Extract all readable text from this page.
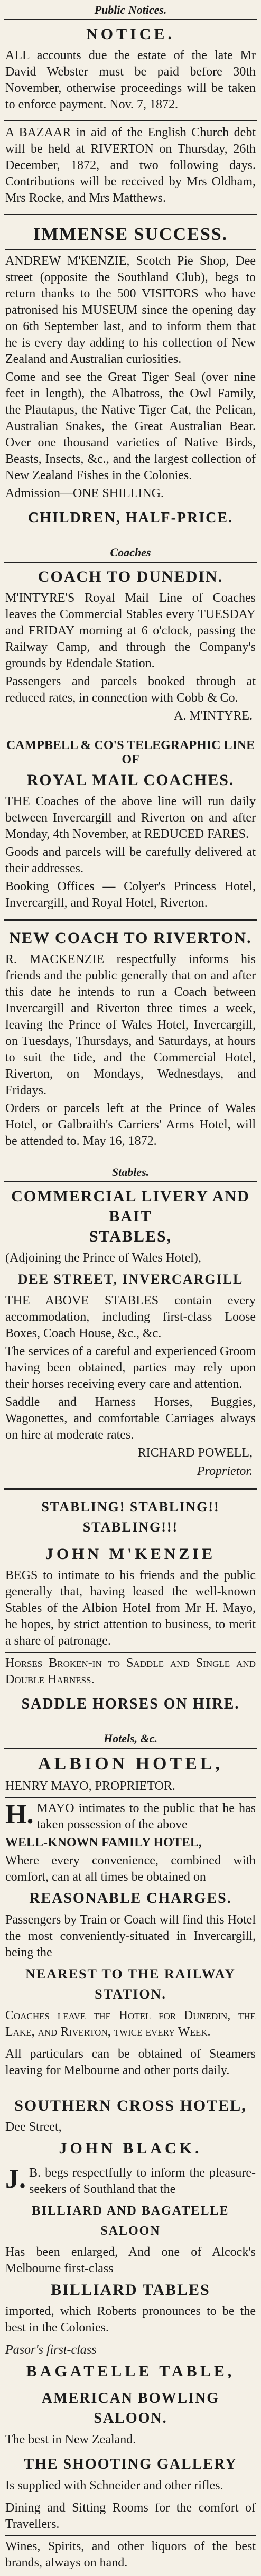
Public Notices.
NOTICE.

ALL accounts due the estate of the late Mr David Webster must be paid before 30th November, otherwise proceedings will be taken to enforce payment. Nov. 7, 1872.

A BAZAAR in aid of the English Church debt will be held at RIVERTON on Thursday, 26th December, 1872, and two following days. Contributions will be received by Mrs Oldham, Mrs Rocke, and Mrs Matthews.

IMMENSE SUCCESS.

ANDREW M'KENZIE, Scotch Pie Shop, Dee street (opposite the Southland Club), begs to return thanks to the 500 VISITORS who have patronised his MUSEUM since the opening day on 6th September last, and to inform them that he is every day adding to his collection of New Zealand and Australian curiosities.

Come and see the Great Tiger Seal (over nine feet in length), the Albatross, the Owl Family, the Plautapus, the Native Tiger Cat, the Pelican, Australian Snakes, the Great Australian Bear. Over one thousand varieties of Native Birds, Beasts, Insects, &c., and the largest collection of New Zealand Fishes in the Colonies.

Admission—ONE SHILLING.

CHILDREN, HALF-PRICE.
Coaches
COACH TO DUNEDIN.

M'INTYRE'S Royal Mail Line of Coaches leaves the Commercial Stables every TUESDAY and FRIDAY morning at 6 o'clock, passing the Railway Camp, and through the Company's grounds by Edendale Station.

Passengers and parcels booked through at reduced rates, in connection with Cobb & Co.

A. M'INTYRE.
CAMPBELL & CO'S TELEGRAPHIC LINE OF
ROYAL MAIL COACHES.

THE Coaches of the above line will run daily between Invercargill and Riverton on and after Monday, 4th November, at REDUCED FARES.

Goods and parcels will be carefully delivered at their addresses.

Booking Offices — Colyer's Princess Hotel, Invercargill, and Royal Hotel, Riverton.

NEW COACH TO RIVERTON.

R. MACKENZIE respectfully informs his friends and the public generally that on and after this date he intends to run a Coach between Invercargill and Riverton three times a week, leaving the Prince of Wales Hotel, Invercargill, on Tuesdays, Thursdays, and Saturdays, at hours to suit the tide, and the Commercial Hotel, Riverton, on Mondays, Wednesdays, and Fridays.

Orders or parcels left at the Prince of Wales Hotel, or Galbraith's Carriers' Arms Hotel, will be attended to. May 16, 1872.

Stables.
COMMERCIAL LIVERY AND BAIT
STABLES,

(Adjoining the Prince of Wales Hotel),

DEE STREET, INVERCARGILL

THE ABOVE STABLES contain every accommodation, including first-class Loose Boxes, Coach House, &c., &c.

The services of a careful and experienced Groom having been obtained, parties may rely upon their horses receiving every care and attention.

Saddle and Harness Horses, Buggies, Wagonettes, and comfortable Carriages always on hire at moderate rates.

RICHARD POWELL,
Proprietor.
STABLING! STABLING!! STABLING!!!
JOHN M'KENZIE

BEGS to intimate to his friends and the public generally that, having leased the well-known Stables of the Albion Hotel from Mr H. Mayo, he hopes, by strict attention to business, to merit a share of patronage.

Horses Broken-in to Saddle and Single and Double Harness.

SADDLE HORSES ON HIRE.
Hotels, &c.
ALBION HOTEL,

HENRY MAYO, PROPRIETOR.

H. MAYO intimates to the public that he has taken possession of the above

WELL-KNOWN FAMILY HOTEL,

Where every convenience, combined with comfort, can at all times be obtained on

REASONABLE CHARGES.

Passengers by Train or Coach will find this Hotel the most conveniently-situated in Invercargill, being the

NEAREST TO THE RAILWAY STATION.

Coaches leave the Hotel for Dunedin, the Lake, and Riverton, twice every Week.

All particulars can be obtained of Steamers leaving for Melbourne and other ports daily.

SOUTHERN CROSS HOTEL,

Dee Street,

JOHN BLACK.

J. B. begs respectfully to inform the pleasure-seekers of Southland that the

BILLIARD AND BAGATELLE SALOON

Has been enlarged, And one of Alcock's Melbourne first-class

BILLIARD TABLES

imported, which Roberts pronounces to be the best in the Colonies.

Pasor's first-class

BAGATELLE TABLE,
AMERICAN BOWLING SALOON.

The best in New Zealand.

THE SHOOTING GALLERY

Is supplied with Schneider and other rifles.

Dining and Sitting Rooms for the comfort of Travellers.

Wines, Spirits, and other liquors of the best brands, always on hand.
